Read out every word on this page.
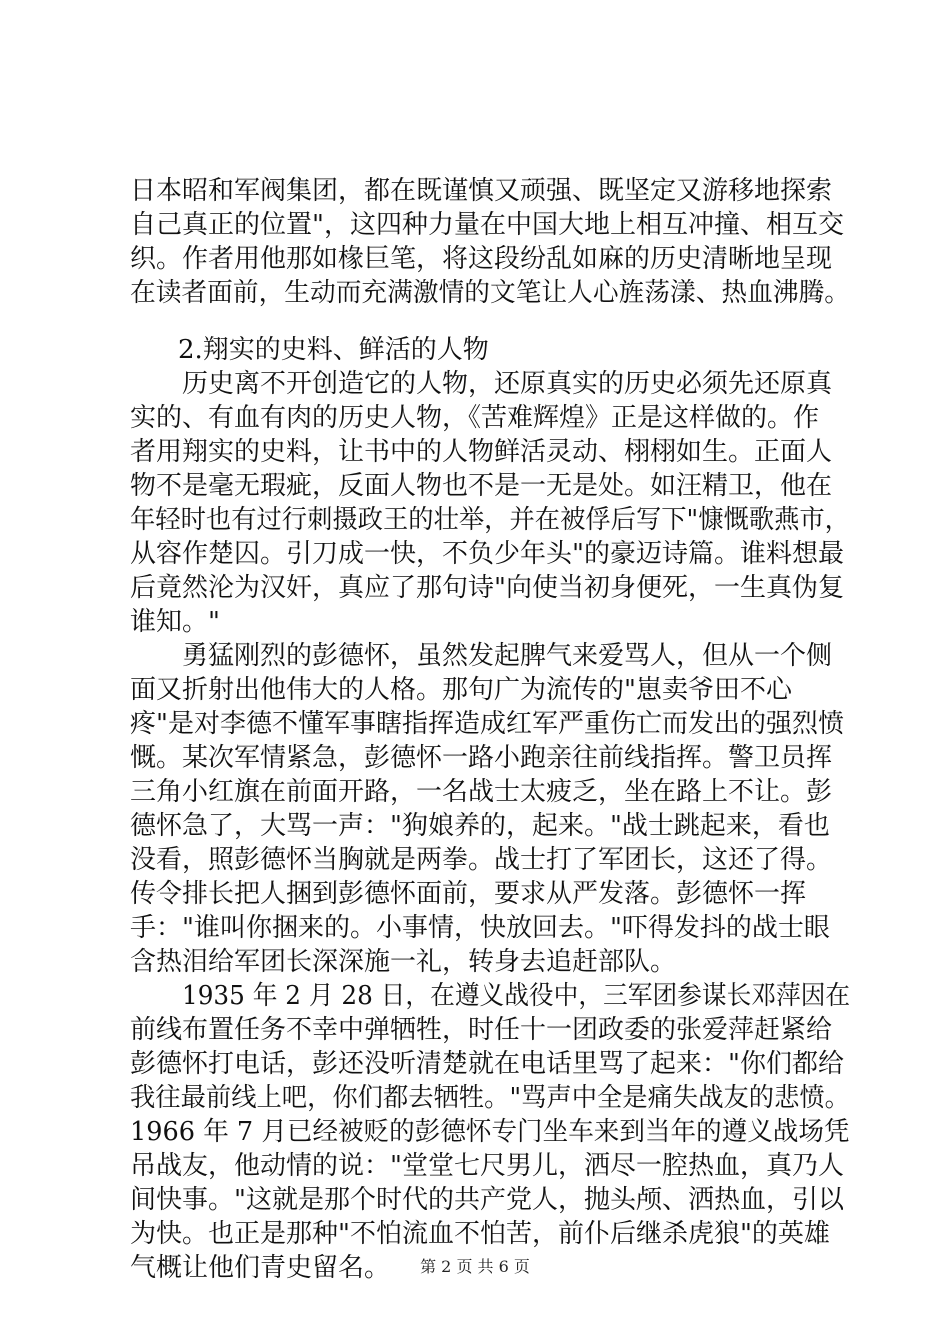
日本昭和军阀集团，都在既谨慎又顽强、既坚定又游移地探索
自己真正的位置"，这四种力量在中国大地上相互冲撞、相互交
织。作者用他那如椽巨笔，将这段纷乱如麻的历史清晰地呈现
在读者面前，生动而充满激情的文笔让人心旌荡漾、热血沸腾。
2.翔实的史料、鲜活的人物
历史离不开创造它的人物，还原真实的历史必须先还原真
实的、有血有肉的历史人物，《苦难辉煌》正是这样做的。作
者用翔实的史料，让书中的人物鲜活灵动、栩栩如生。正面人
物不是毫无瑕疵，反面人物也不是一无是处。如汪精卫，他在
年轻时也有过行刺摄政王的壮举，并在被俘后写下"慷慨歌燕市，
从容作楚囚。引刀成一快，不负少年头"的豪迈诗篇。谁料想最
后竟然沦为汉奸，真应了那句诗"向使当初身便死，一生真伪复
谁知。"
勇猛刚烈的彭德怀，虽然发起脾气来爱骂人，但从一个侧
面又折射出他伟大的人格。那句广为流传的"崽卖爷田不心
疼"是对李德不懂军事瞎指挥造成红军严重伤亡而发出的强烈愤
慨。某次军情紧急，彭德怀一路小跑亲往前线指挥。警卫员挥
三角小红旗在前面开路，一名战士太疲乏，坐在路上不让。彭
德怀急了，大骂一声："狗娘养的，起来。"战士跳起来，看也
没看，照彭德怀当胸就是两拳。战士打了军团长，这还了得。
传令排长把人捆到彭德怀面前，要求从严发落。彭德怀一挥
手："谁叫你捆来的。小事情，快放回去。"吓得发抖的战士眼
含热泪给军团长深深施一礼，转身去追赶部队。
1935 年 2 月 28 日，在遵义战役中，三军团参谋长邓萍因在
前线布置任务不幸中弹牺牲，时任十一团政委的张爱萍赶紧给
彭德怀打电话，彭还没听清楚就在电话里骂了起来："你们都给
我往最前线上吧，你们都去牺牲。"骂声中全是痛失战友的悲愤。
1966 年 7 月已经被贬的彭德怀专门坐车来到当年的遵义战场凭
吊战友，他动情的说："堂堂七尺男儿，洒尽一腔热血，真乃人
间快事。"这就是那个时代的共产党人，抛头颅、洒热血，引以
为快。也正是那种"不怕流血不怕苦，前仆后继杀虎狼"的英雄
气概让他们青史留名。	第 2 页 共 6 页
